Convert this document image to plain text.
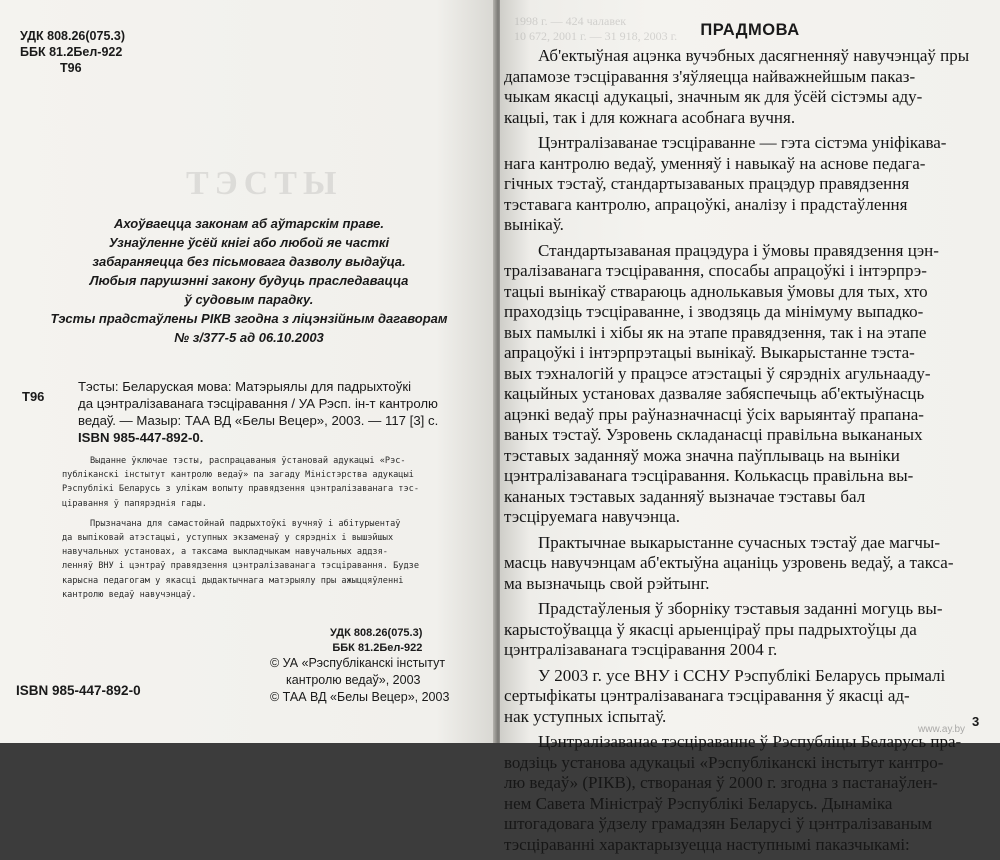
ТЭСТЫ
УДК 808.26(075.3)
ББК 81.2Бел-922
Т96
Ахоўваецца законам аб аўтарскім праве.
Узнаўленне ўсёй кнігі або любой яе часткі
забараняецца без пісьмовага дазволу выдаўца.
Любыя парушэнні закону будуць праследавацца
ў судовым парадку.
Тэсты прадстаўлены РІКВ згодна з ліцэнзійным дагаворам
№ з/377-5 ад 06.10.2003
Т96
Тэсты: Беларуская мова: Матэрыялы для падрыхтоўкі
да цэнтралізаванага тэсціравання / УА Рэсп. ін-т кантролю
ведаў. — Мазыр: ТАА ВД «Белы Вецер», 2003. — 117 [3] с.
ISBN 985-447-892-0.

Выданне ўключае тэсты, распрацаваныя ўстановай адукацыі «Рэс-

публіканскі інстытут кантролю ведаў» па загаду Міністэрства адукацыі

Рэспублікі Беларусь з улікам вопыту правядзення цэнтралізаванага тэс-

ціравання ў папярэднія гады.

Прызначана для самастойнай падрыхтоўкі вучняў і абітурыентаў

да выпіковай атэстацыі, уступных экзаменаў у сярэдніх і вышэйшых

навучальных установах, а таксама выкладчыкам навучальных аддзя-

ленняў ВНУ і цэнтраў правядзення цэнтралізаванага тэсціравання. Будзе

карысна педагогам у якасці дыдактычнага матэрыялу пры ажыццяўленні

кантролю ведаў навучэнцаў.

УДК 808.26(075.3)
ББК 81.2Бел-922
© УА «Рэспубліканскі інстытут
кантролю ведаў», 2003
© ТАА ВД «Белы Вецер», 2003
ISBN 985-447-892-0
1998 г. — 424 чалавек
10 672, 2001 г. — 31 918, 2003 г.	ПРАДМОВА

Аб'ектыўная ацэнка вучэбных дасягненняў навучэнцаў пры
дапамозе тэсціравання з'яўляецца найважнейшым паказ-
чыкам якасці адукацыі, значным як для ўсёй сістэмы аду-
кацыі, так і для кожнага асобнага вучня.

Цэнтралізаванае тэсціраванне — гэта сістэма уніфікава-
нага кантролю ведаў, уменняў і навыкаў на аснове педага-
гічных тэстаў, стандартызаваных працэдур правядзення
тэставага кантролю, апрацоўкі, аналізу і прадстаўлення
вынікаў.

Стандартызаваная працэдура і ўмовы правядзення цэн-
тралізаванага тэсціравання, спосабы апрацоўкі і інтэрпрэ-
тацыі вынікаў ствараюць аднолькавыя ўмовы для тых, хто
праходзіць тэсціраванне, і зводзяць да мінімуму выпадко-
вых памылкі і хібы як на этапе правядзення, так і на этапе
апрацоўкі і інтэрпрэтацыі вынікаў. Выкарыстанне тэста-
вых тэхналогій у працэсе атэстацыі ў сярэдніх агульнааду-
кацыйных установах дазваляе забяспечыць аб'ектыўнасць
ацэнкі ведаў пры раўназначнасці ўсіх варыянтаў прапана-
ваных тэстаў. Узровень складанасці правільна выкананых
тэставых заданняў можа значна паўплываць на выніки
цэнтралізаванага тэсціравання. Колькасць правільна вы-
кананых тэставых заданняў вызначае тэставы бал
тэсціруемага навучэнца.

Практычнае выкарыстанне сучасных тэстаў дае магчы-
масць навучэнцам аб'ектыўна ацаніць узровень ведаў, а такса-
ма вызначыць свой рэйтынг.

Прадстаўленыя ў зборніку тэставыя заданні могуць вы-
карыстоўвацца ў якасці арыенціраў пры падрыхтоўцы да
цэнтралізаванага тэсціравання 2004 г.

У 2003 г. усе ВНУ і ССНУ Рэспублікі Беларусь прымалі
сертыфікаты цэнтралізаванага тэсціравання ў якасці ад-
нак уступных іспытаў.

Цэнтралізаванае тэсціраванне ў Рэспубліцы Беларусь пра-
водзіць установа адукацыі «Рэспубліканскі інстытут кантро-
лю ведаў» (РІКВ), створаная ў 2000 г. згодна з пастанаўлен-
нем Савета Міністраў Рэспублікі Беларусь. Дынаміка
штогадовага ўдзелу грамадзян Беларусі ў цэнтралізаваным
тэсціраванні характарызуецца наступнымі паказчыкамі:

3
www.ay.by
